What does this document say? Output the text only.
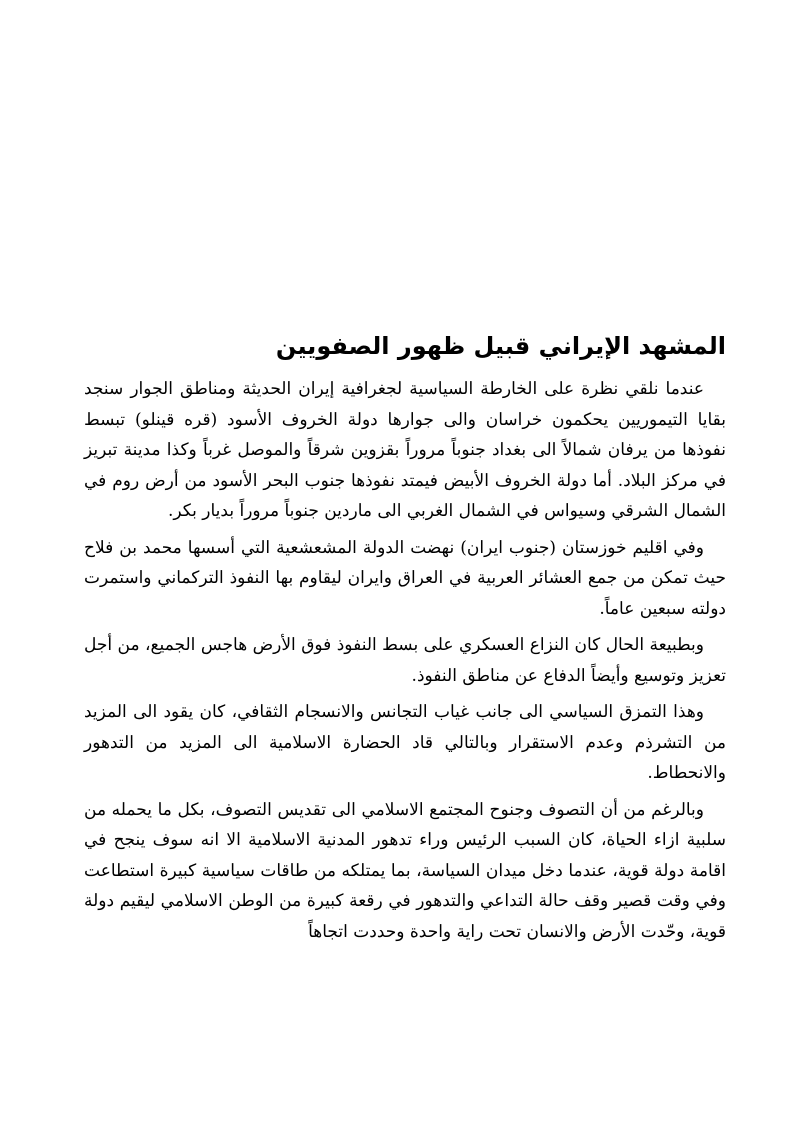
المشهد الإيراني قبيل ظهور الصفويين

عندما نلقي نظرة على الخارطة السياسية لجغرافية إيران الحديثة ومناطق الجوار سنجد بقايا التيموريين يحكمون خراسان والى جوارها دولة الخروف الأسود (قره قينلو) تبسط نفوذها من يرفان شمالاً الى بغداد جنوباً مروراً بقزوين شرقاً والموصل غرباً وكذا مدينة تبريز في مركز البلاد. أما دولة الخروف الأبيض فيمتد نفوذها جنوب البحر الأسود من أرض روم في الشمال الشرقي وسيواس في الشمال الغربي الى ماردين جنوباً مروراً بديار بكر.

وفي اقليم خوزستان (جنوب ايران) نهضت الدولة المشعشعية التي أسسها محمد بن فلاح حيث تمكن من جمع العشائر العربية في العراق وايران ليقاوم بها النفوذ التركماني واستمرت دولته سبعين عاماً.

وبطبيعة الحال كان النزاع العسكري على بسط النفوذ فوق الأرض هاجس الجميع، من أجل تعزيز وتوسيع وأيضاً الدفاع عن مناطق النفوذ.

وهذا التمزق السياسي الى جانب غياب التجانس والانسجام الثقافي، كان يقود الى المزيد من التشرذم وعدم الاستقرار وبالتالي قاد الحضارة الاسلامية الى المزيد من التدهور والانحطاط.

وبالرغم من أن التصوف وجنوح المجتمع الاسلامي الى تقديس التصوف، بكل ما يحمله من سلبية ازاء الحياة، كان السبب الرئيس وراء تدهور المدنية الاسلامية الا انه سوف ينجح في اقامة دولة قوية، عندما دخل ميدان السياسة، بما يمتلكه من طاقات سياسية كبيرة استطاعت وفي وقت قصير وقف حالة التداعي والتدهور في رقعة كبيرة من الوطن الاسلامي ليقيم دولة قوية، وحّدت الأرض والانسان تحت راية واحدة وحددت اتجاهاً
